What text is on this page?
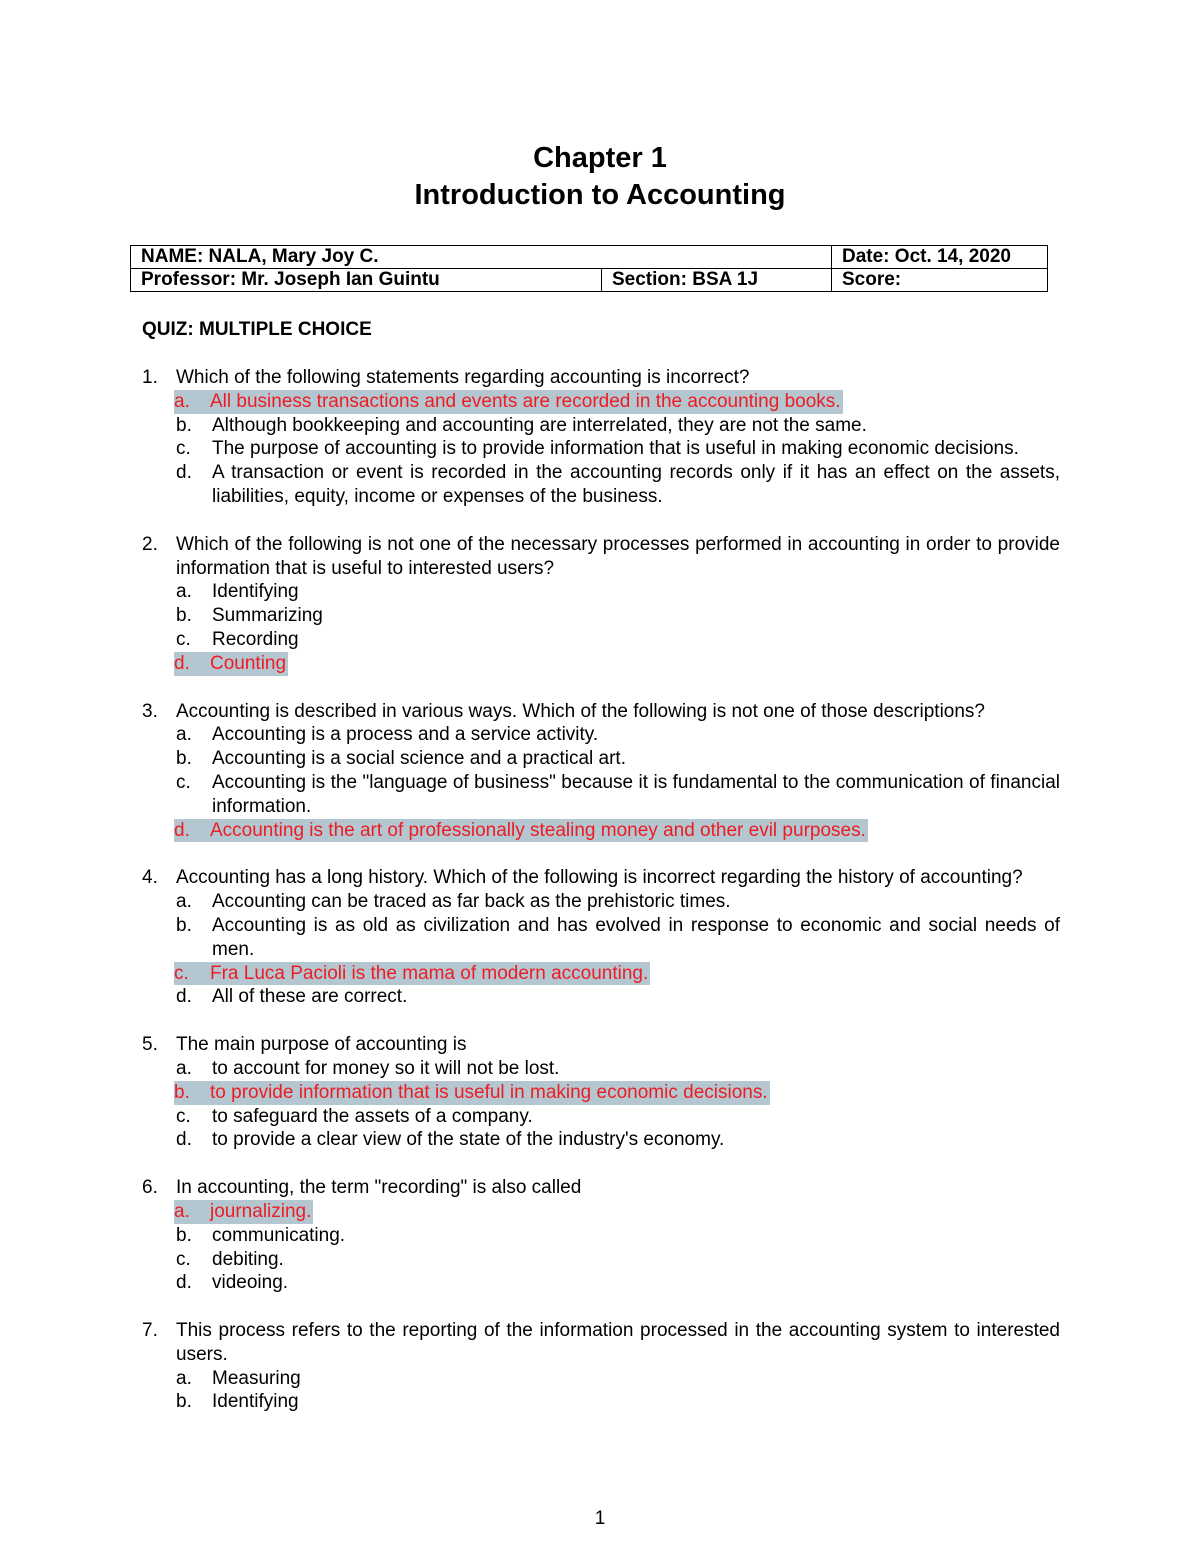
Chapter 1
Introduction to Accounting
NAME: NALA, Mary Joy C.		Date: Oct. 14, 2020
Professor: Mr. Joseph Ian Guintu	Section: BSA 1J	Score:
QUIZ: MULTIPLE CHOICE
1. Which of the following statements regarding accounting is incorrect?
a. All business transactions and events are recorded in the accounting books.
b. Although bookkeeping and accounting are interrelated, they are not the same.
c. The purpose of accounting is to provide information that is useful in making economic decisions.
d. A transaction or event is recorded in the accounting records only if it has an effect on the assets, liabilities, equity, income or expenses of the business.
2. Which of the following is not one of the necessary processes performed in accounting in order to provide information that is useful to interested users?
a. Identifying
b. Summarizing
c. Recording
d. Counting
3. Accounting is described in various ways. Which of the following is not one of those descriptions?
a. Accounting is a process and a service activity.
b. Accounting is a social science and a practical art.
c. Accounting is the "language of business" because it is fundamental to the communication of financial information.
d. Accounting is the art of professionally stealing money and other evil purposes.
4. Accounting has a long history. Which of the following is incorrect regarding the history of accounting?
a. Accounting can be traced as far back as the prehistoric times.
b. Accounting is as old as civilization and has evolved in response to economic and social needs of men.
c. Fra Luca Pacioli is the mama of modern accounting.
d. All of these are correct.
5. The main purpose of accounting is
a. to account for money so it will not be lost.
b. to provide information that is useful in making economic decisions.
c. to safeguard the assets of a company.
d. to provide a clear view of the state of the industry's economy.
6. In accounting, the term "recording" is also called
a. journalizing.
b. communicating.
c. debiting.
d. videoing.
7. This process refers to the reporting of the information processed in the accounting system to interested users.
a. Measuring
b. Identifying
1
